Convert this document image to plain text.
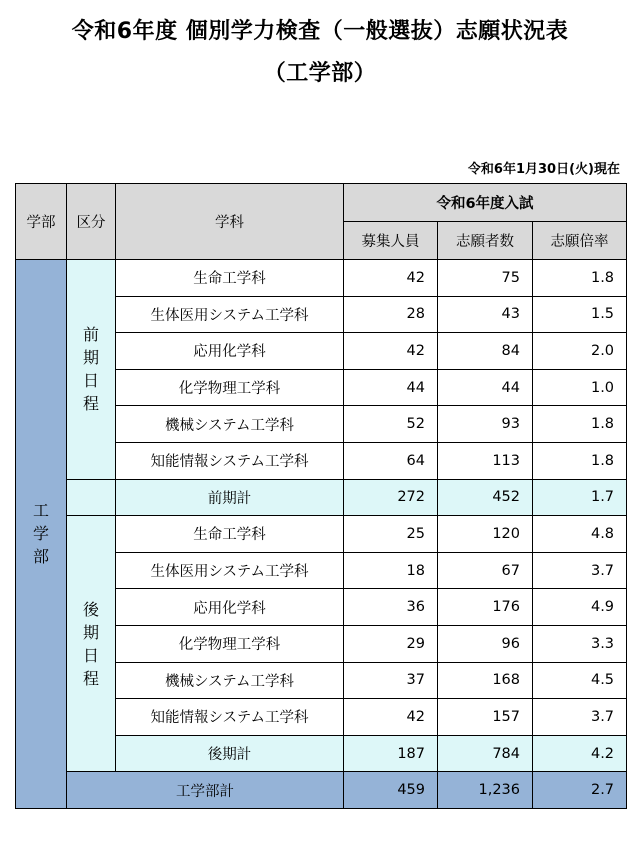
令和6年度 個別学力検査（一般選抜）志願状況表
（工学部）
令和6年1月30日(火)現在
学部	区分	学科	令和6年度入試		
			募集人員	志願者数	志願倍率
工学部	前期日程	生命工学科	42	75	1.8
		生体医用システム工学科	28	43	1.5
		応用化学科	42	84	2.0
		化学物理工学科	44	44	1.0
		機械システム工学科	52	93	1.8
		知能情報システム工学科	64	113	1.8
		前期計	272	452	1.7
	後期日程	生命工学科	25	120	4.8
		生体医用システム工学科	18	67	3.7
		応用化学科	36	176	4.9
		化学物理工学科	29	96	3.3
		機械システム工学科	37	168	4.5
		知能情報システム工学科	42	157	3.7
		後期計	187	784	4.2
	工学部計		459	1,236	2.7
